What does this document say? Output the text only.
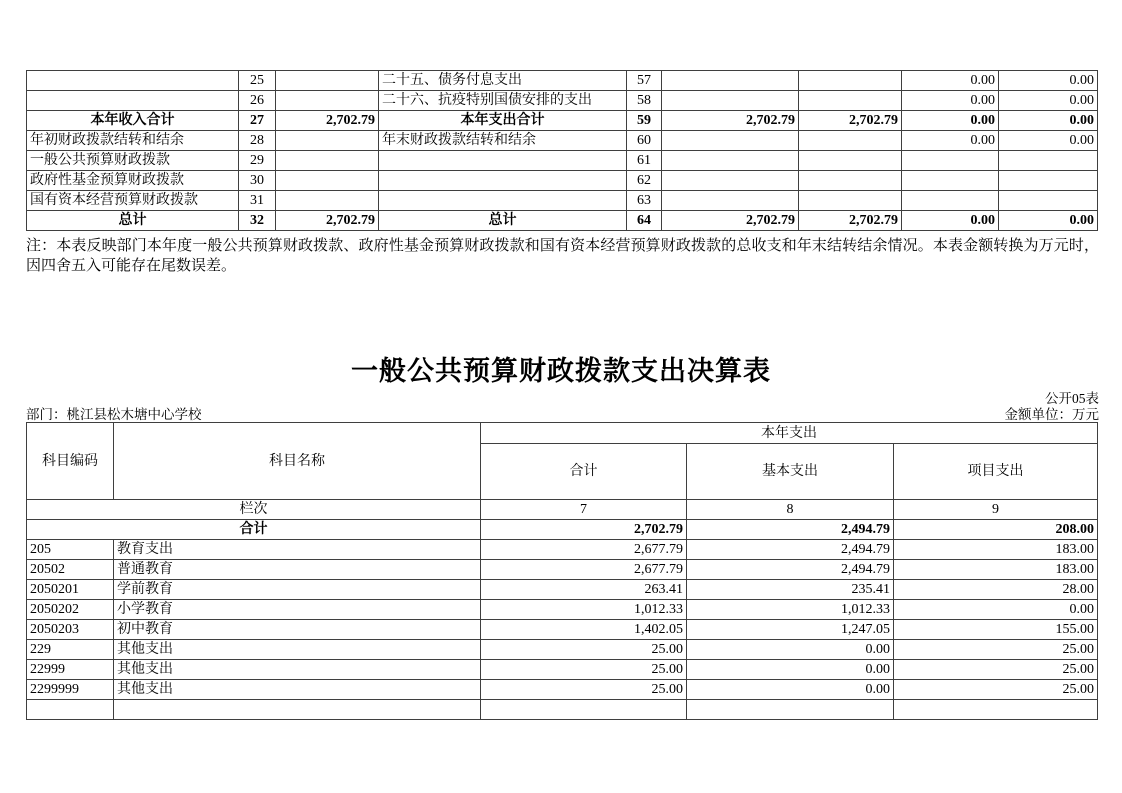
	25		二十五、债务付息支出	57			0.00	0.00
	26		二十六、抗疫特别国债安排的支出	58			0.00	0.00
本年收入合计	27	2,702.79	本年支出合计	59	2,702.79	2,702.79	0.00	0.00
年初财政拨款结转和结余	28		年末财政拨款结转和结余	60			0.00	0.00
一般公共预算财政拨款	29			61				
政府性基金预算财政拨款	30			62				
国有资本经营预算财政拨款	31			63				
总计	32	2,702.79	总计	64	2,702.79	2,702.79	0.00	0.00
注：本表反映部门本年度一般公共预算财政拨款、政府性基金预算财政拨款和国有资本经营预算财政拨款的总收支和年末结转结余情况。本表金额转换为万元时，因四舍五入可能存在尾数误差。
一般公共预算财政拨款支出决算表
公开05表
部门：桃江县松木塘中心学校	金额单位：万元
科目编码	科目名称	本年支出		
		合计	基本支出	项目支出
栏次		7	8	9
合计		2,702.79	2,494.79	208.00
205	教育支出	2,677.79	2,494.79	183.00
20502	普通教育	2,677.79	2,494.79	183.00
2050201	学前教育	263.41	235.41	28.00
2050202	小学教育	1,012.33	1,012.33	0.00
2050203	初中教育	1,402.05	1,247.05	155.00
229	其他支出	25.00	0.00	25.00
22999	其他支出	25.00	0.00	25.00
2299999	其他支出	25.00	0.00	25.00
